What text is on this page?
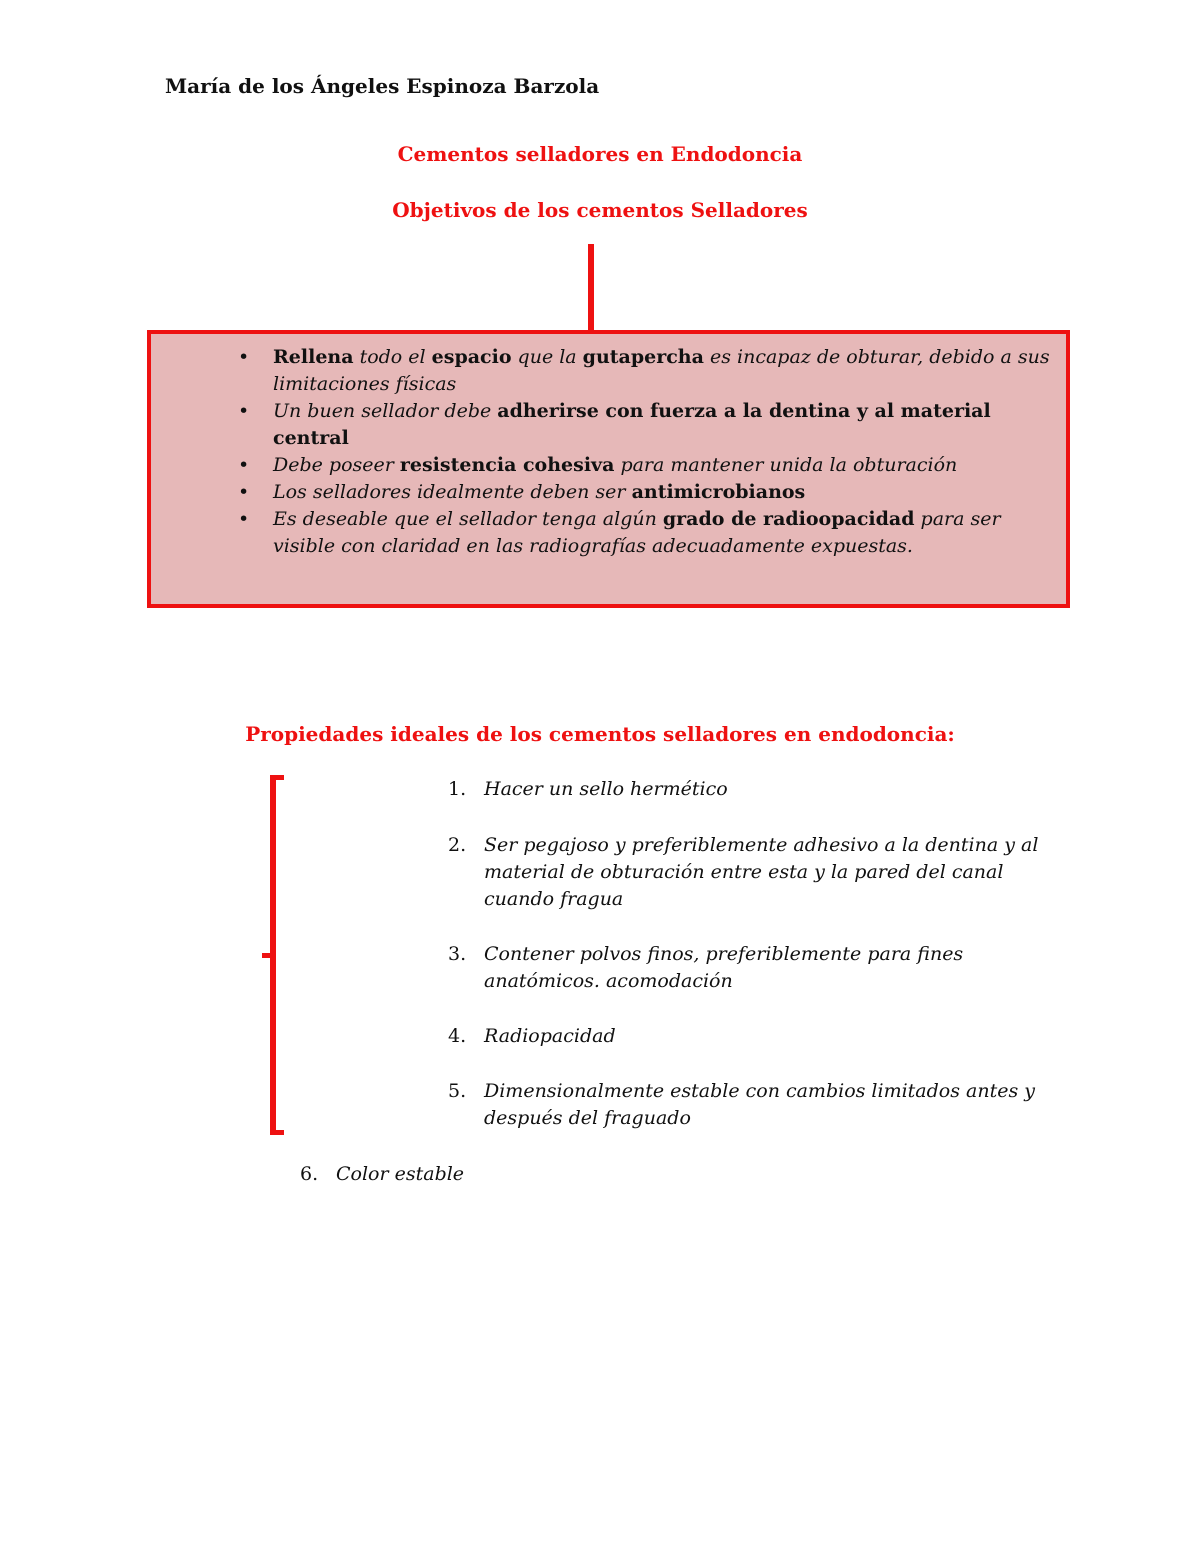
María de los Ángeles Espinoza Barzola

Cementos selladores en Endodoncia

Objetivos de los cementos Selladores

• Rellena todo el espacio que la gutapercha es incapaz de obturar, debido a sus limitaciones físicas
• Un buen sellador debe adherirse con fuerza a la dentina y al material central
• Debe poseer resistencia cohesiva para mantener unida la obturación
• Los selladores idealmente deben ser antimicrobianos
• Es deseable que el sellador tenga algún grado de radioopacidad para ser visible con claridad en las radiografías adecuadamente expuestas.

Propiedades ideales de los cementos selladores en endodoncia:

1. Hacer un sello hermético

2. Ser pegajoso y preferiblemente adhesivo a la dentina y al material de obturación entre esta y la pared del canal cuando fragua

3. Contener polvos finos, preferiblemente para fines anatómicos. acomodación

4. Radiopacidad

5. Dimensionalmente estable con cambios limitados antes y después del fraguado

6. Color estable
